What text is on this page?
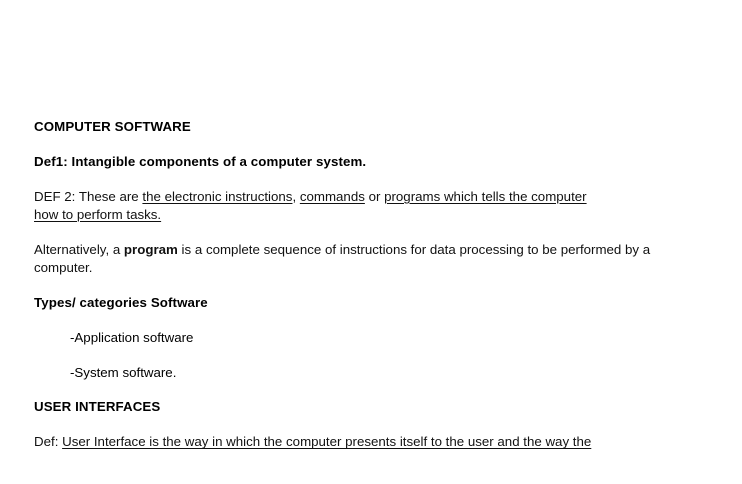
COMPUTER SOFTWARE

Def1: Intangible components of a computer system.

DEF 2: These are the electronic instructions, commands or programs which tells the computer
how to perform tasks.

Alternatively, a program is a complete sequence of instructions for data processing to be performed by a computer.

Types/ categories Software

-Application software

-System software.

USER INTERFACES

Def: User Interface is the way in which the computer presents itself to the user and the way the
